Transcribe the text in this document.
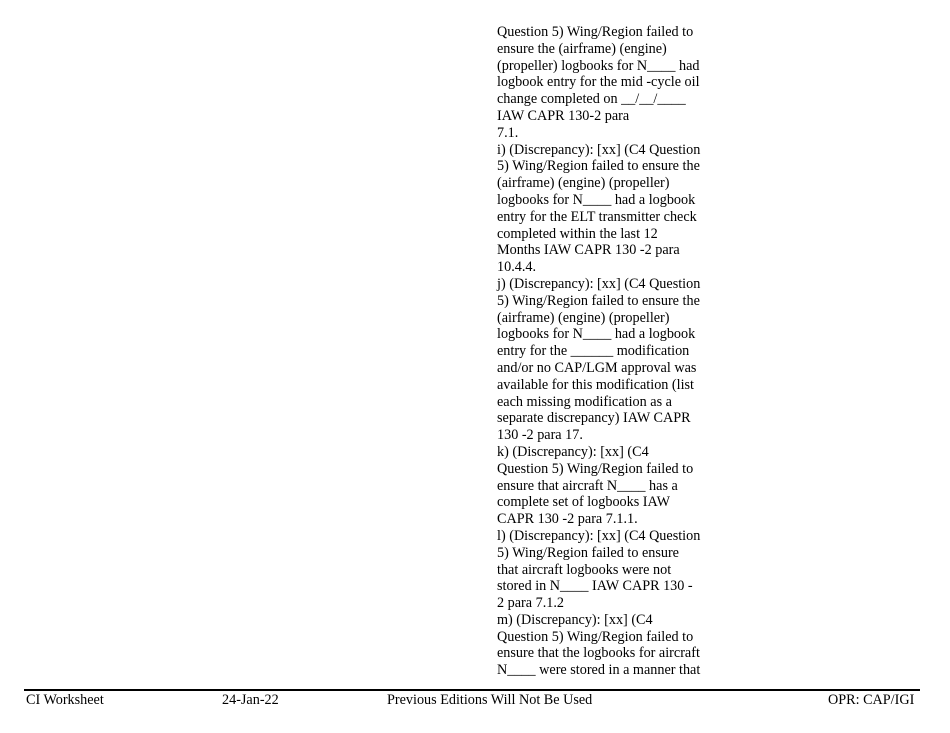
Question 5) Wing/Region failed to
ensure the (airframe) (engine)
(propeller) logbooks for N____ had
logbook entry for the mid -cycle oil
change completed on __/__/____
IAW CAPR 130-2 para
7.1.
i) (Discrepancy): [xx] (C4 Question
5) Wing/Region failed to ensure the
(airframe) (engine) (propeller)
logbooks for N____ had a logbook
entry for the ELT transmitter check
completed within the last 12
Months IAW CAPR 130 -2 para
10.4.4.
j) (Discrepancy): [xx] (C4 Question
5) Wing/Region failed to ensure the
(airframe) (engine) (propeller)
logbooks for N____ had a logbook
entry for the ______ modification
and/or no CAP/LGM approval was
available for this modification (list
each missing modification as a
separate discrepancy) IAW CAPR
130 -2 para 17.
k) (Discrepancy): [xx] (C4
Question 5) Wing/Region failed to
ensure that aircraft N____ has a
complete set of logbooks IAW
CAPR 130 -2 para 7.1.1.
l) (Discrepancy): [xx] (C4 Question
5) Wing/Region failed to ensure
that aircraft logbooks were not
stored in N____ IAW CAPR 130 -
2 para 7.1.2
m) (Discrepancy): [xx] (C4
Question 5) Wing/Region failed to
ensure that the logbooks for aircraft
N____ were stored in a manner that
CI Worksheet	24-Jan-22	Previous Editions Will Not Be Used	OPR: CAP/IGI
